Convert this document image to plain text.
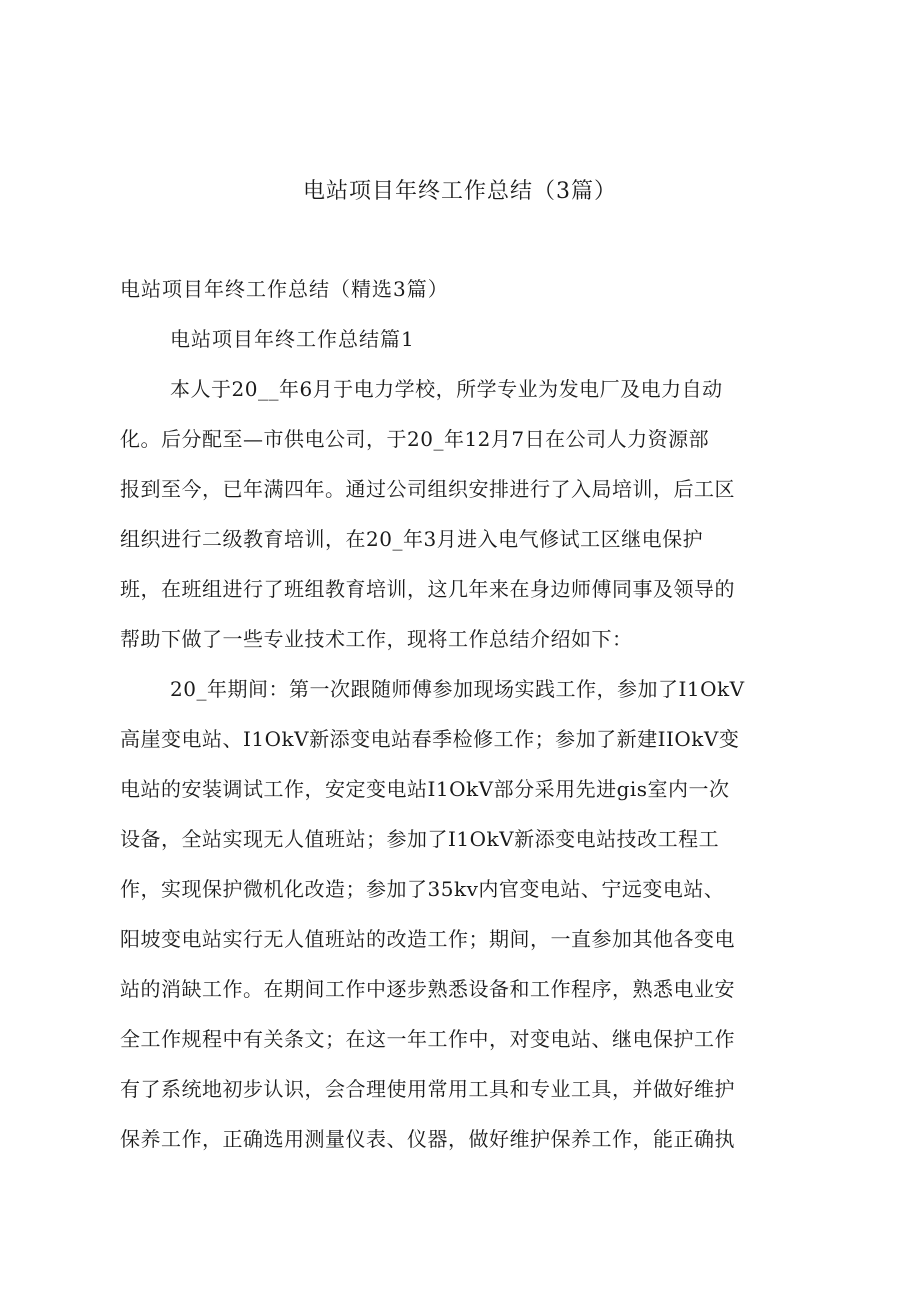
电站项目年终工作总结（3篇）
电站项目年终工作总结（精选3篇）
电站项目年终工作总结篇1
本人于20__年6月于电力学校，所学专业为发电厂及电力自动
化。后分配至—市供电公司，于20_年12月7日在公司人力资源部
报到至今，已年满四年。通过公司组织安排进行了入局培训，后工区
组织进行二级教育培训，在20_年3月进入电气修试工区继电保护
班，在班组进行了班组教育培训，这几年来在身边师傅同事及领导的
帮助下做了一些专业技术工作，现将工作总结介绍如下：
20_年期间：第一次跟随师傅参加现场实践工作，参加了I1OkV
高崖变电站、I1OkV新添变电站春季检修工作；参加了新建IIOkV变
电站的安装调试工作，安定变电站I1OkV部分采用先进gis室内一次
设备，全站实现无人值班站；参加了I1OkV新添变电站技改工程工
作，实现保护微机化改造；参加了35kv内官变电站、宁远变电站、
阳坡变电站实行无人值班站的改造工作；期间，一直参加其他各变电
站的消缺工作。在期间工作中逐步熟悉设备和工作程序，熟悉电业安
全工作规程中有关条文；在这一年工作中，对变电站、继电保护工作
有了系统地初步认识，会合理使用常用工具和专业工具，并做好维护
保养工作，正确选用测量仪表、仪器，做好维护保养工作，能正确执
